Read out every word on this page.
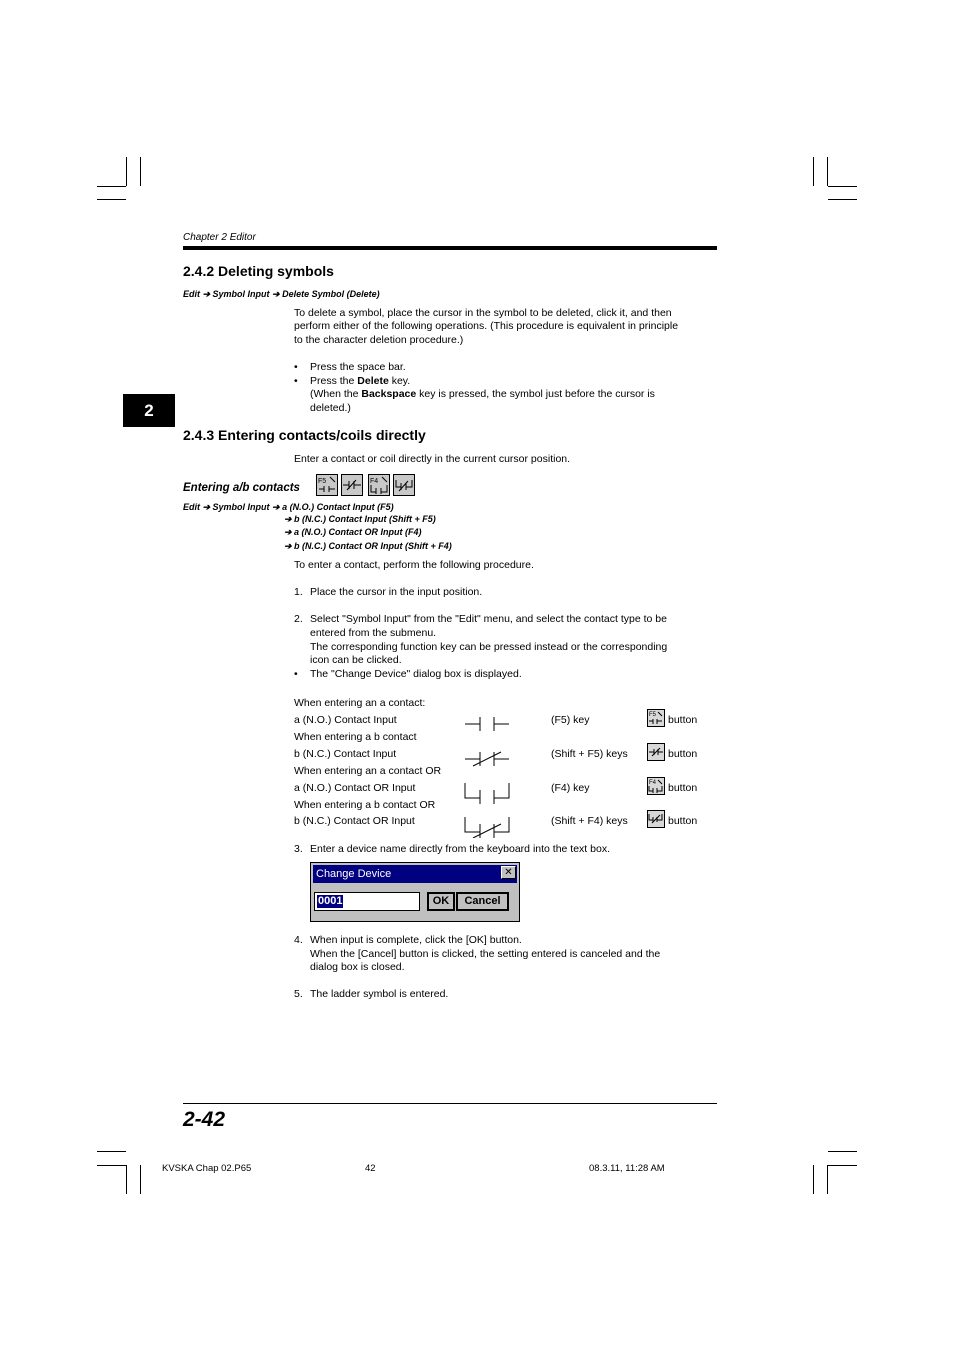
Chapter 2 Editor
2
2.4.2 Deleting symbols
Edit ➔ Symbol Input ➔ Delete Symbol (Delete)
To delete a symbol, place the cursor in the symbol to be deleted, click it, and then
perform either of the following operations. (This procedure is equivalent in principle
to the character deletion procedure.)
• Press the space bar.
• Press the Delete key.
(When the Backspace key is pressed, the symbol just before the cursor is
deleted.)
2.4.3 Entering contacts/coils directly
Enter a contact or coil directly in the current cursor position.
Entering a/b contacts
F5	F4
Edit ➔ Symbol Input ➔ a (N.O.) Contact Input (F5)
➔ b (N.C.) Contact Input (Shift + F5)
➔ a (N.O.) Contact OR Input (F4)
➔ b (N.C.) Contact OR Input (Shift + F4)
To enter a contact, perform the following procedure.
1. Place the cursor in the input position.
2. Select "Symbol Input" from the "Edit" menu, and select the contact type to be
entered from the submenu.
The corresponding function key can be pressed instead or the corresponding
icon can be clicked.
• The "Change Device" dialog box is displayed.
When entering an a contact:
a (N.O.) Contact Input	(F5) key	F5 button
When entering a b contact
b (N.C.) Contact Input	(Shift + F5) keys	button
When entering an a contact OR
a (N.O.) Contact OR Input	(F4) key	F4 button
When entering a b contact OR
b (N.C.) Contact OR Input	(Shift + F4) keys	button
3. Enter a device name directly from the keyboard into the text box.
Change Device	✕
0001	OK	Cancel
4. When input is complete, click the [OK] button.
When the [Cancel] button is clicked, the setting entered is canceled and the
dialog box is closed.
5. The ladder symbol is entered.
2-42
KVSKA Chap 02.P65	42	08.3.11, 11:28 AM
